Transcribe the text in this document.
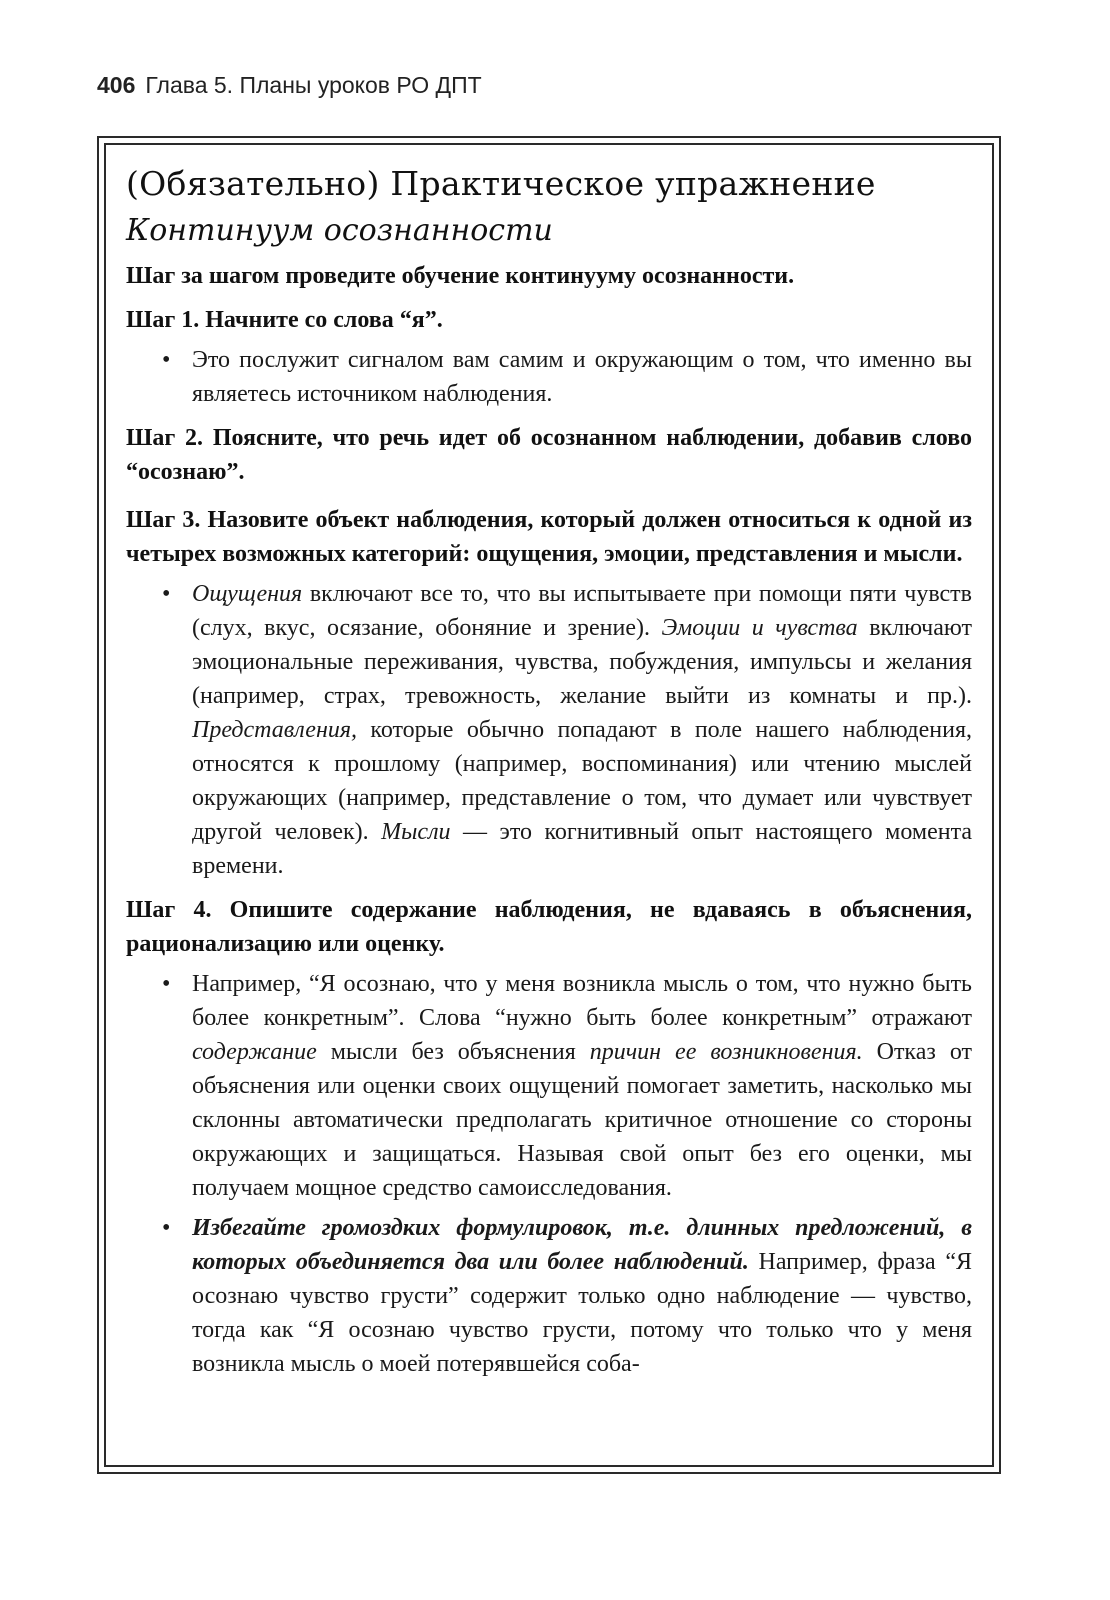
406 Глава 5. Планы уроков РО ДПТ
(Обязательно) Практическое упражнение
Континуум осознанности

Шаг за шагом проведите обучение континууму осознанности.

Шаг 1. Начните со слова “я”.

• Это послужит сигналом вам самим и окружающим о том, что именно вы являетесь источником наблюдения.

Шаг 2. Поясните, что речь идет об осознанном наблюдении, добавив слово “осознаю”.

Шаг 3. Назовите объект наблюдения, который должен относиться к одной из четырех возможных категорий: ощущения, эмоции, представления и мысли.

• Ощущения включают все то, что вы испытываете при помощи пяти чувств (слух, вкус, осязание, обоняние и зрение). Эмоции и чувства включают эмоциональные переживания, чувства, побуждения, импульсы и желания (например, страх, тревожность, желание выйти из комнаты и пр.). Представления, которые обычно попадают в поле нашего наблюдения, относятся к прошлому (например, воспоминания) или чтению мыслей окружающих (например, представление о том, что думает или чувствует другой человек). Мысли — это когнитивный опыт настоящего момента времени.

Шаг 4. Опишите содержание наблюдения, не вдаваясь в объяснения, рационализацию или оценку.

• Например, “Я осознаю, что у меня возникла мысль о том, что нужно быть более конкретным”. Слова “нужно быть более конкретным” отражают содержание мысли без объяснения причин ее возникновения. Отказ от объяснения или оценки своих ощущений помогает заметить, насколько мы склонны автоматически предполагать критичное отношение со стороны окружающих и защищаться. Называя свой опыт без его оценки, мы получаем мощное средство самоисследования.
• Избегайте громоздких формулировок, т.е. длинных предложений, в которых объединяется два или более наблюдений. Например, фраза “Я осознаю чувство грусти” содержит только одно наблюдение — чувство, тогда как “Я осознаю чувство грусти, потому что только что у меня возникла мысль о моей потерявшейся соба-
